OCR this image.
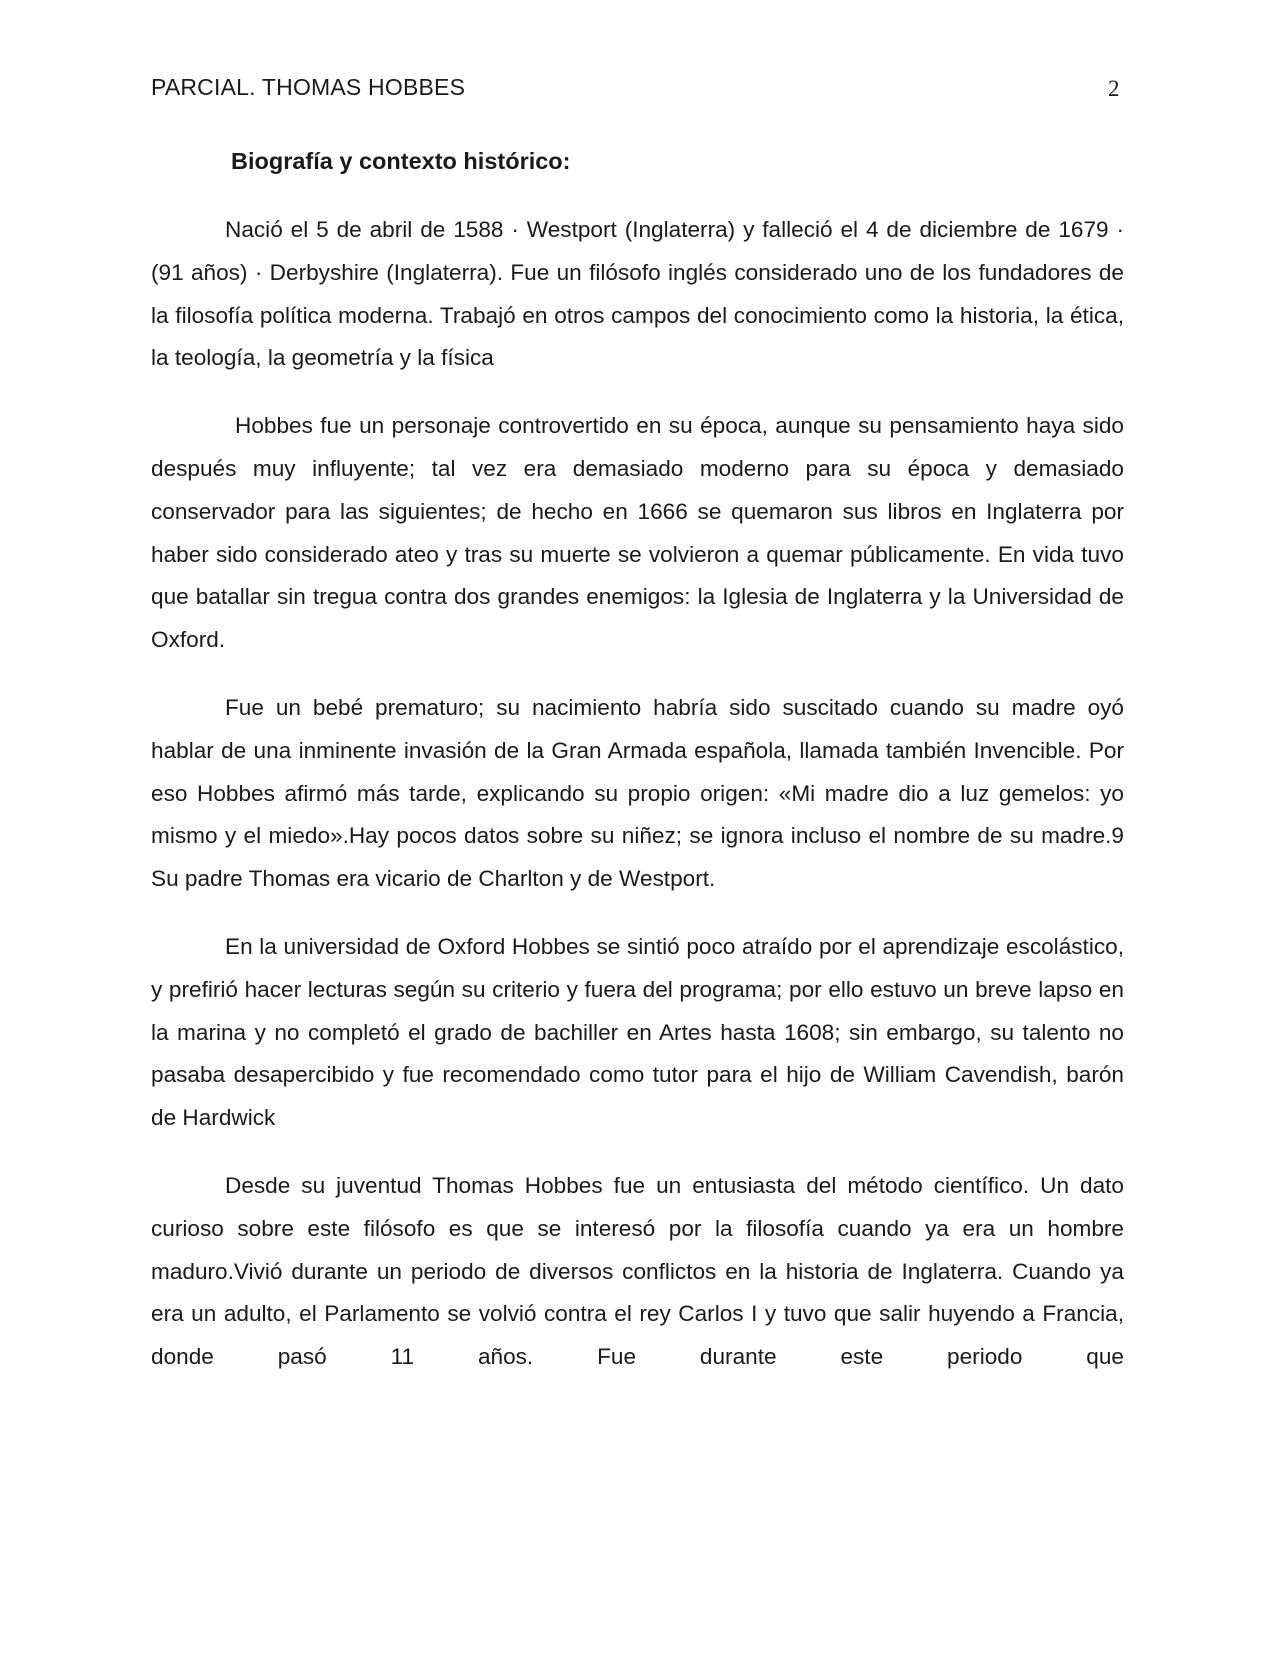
PARCIAL. THOMAS HOBBES	2
Biografía y contexto histórico:

Nació el 5 de abril de 1588 · Westport (Inglaterra) y falleció el 4 de diciembre de 1679 · (91 años) · Derbyshire (Inglaterra). Fue un filósofo inglés considerado uno de los fundadores de la filosofía política moderna. Trabajó en otros campos del conocimiento como la historia, la ética, la teología, la geometría y la física

Hobbes fue un personaje controvertido en su época, aunque su pensamiento haya sido después muy influyente; tal vez era demasiado moderno para su época y demasiado conservador para las siguientes; de hecho en 1666 se quemaron sus libros en Inglaterra por haber sido considerado ateo y tras su muerte se volvieron a quemar públicamente. En vida tuvo que batallar sin tregua contra dos grandes enemigos: la Iglesia de Inglaterra y la Universidad de Oxford.

Fue un bebé prematuro; su nacimiento habría sido suscitado cuando su madre oyó hablar de una inminente invasión de la Gran Armada española, llamada también Invencible. Por eso Hobbes afirmó más tarde, explicando su propio origen: «Mi madre dio a luz gemelos: yo mismo y el miedo».Hay pocos datos sobre su niñez; se ignora incluso el nombre de su madre.9 Su padre Thomas era vicario de Charlton y de Westport.

En la universidad de Oxford Hobbes se sintió poco atraído por el aprendizaje escolástico, y prefirió hacer lecturas según su criterio y fuera del programa; por ello estuvo un breve lapso en la marina y no completó el grado de bachiller en Artes hasta 1608; sin embargo, su talento no pasaba desapercibido y fue recomendado como tutor para el hijo de William Cavendish, barón de Hardwick

Desde su juventud Thomas Hobbes fue un entusiasta del método científico. Un dato curioso sobre este filósofo es que se interesó por la filosofía cuando ya era un hombre maduro.Vivió durante un periodo de diversos conflictos en la historia de Inglaterra. Cuando ya era un adulto, el Parlamento se volvió contra el rey Carlos I y tuvo que salir huyendo a Francia, donde pasó 11 años. Fue durante este periodo que
